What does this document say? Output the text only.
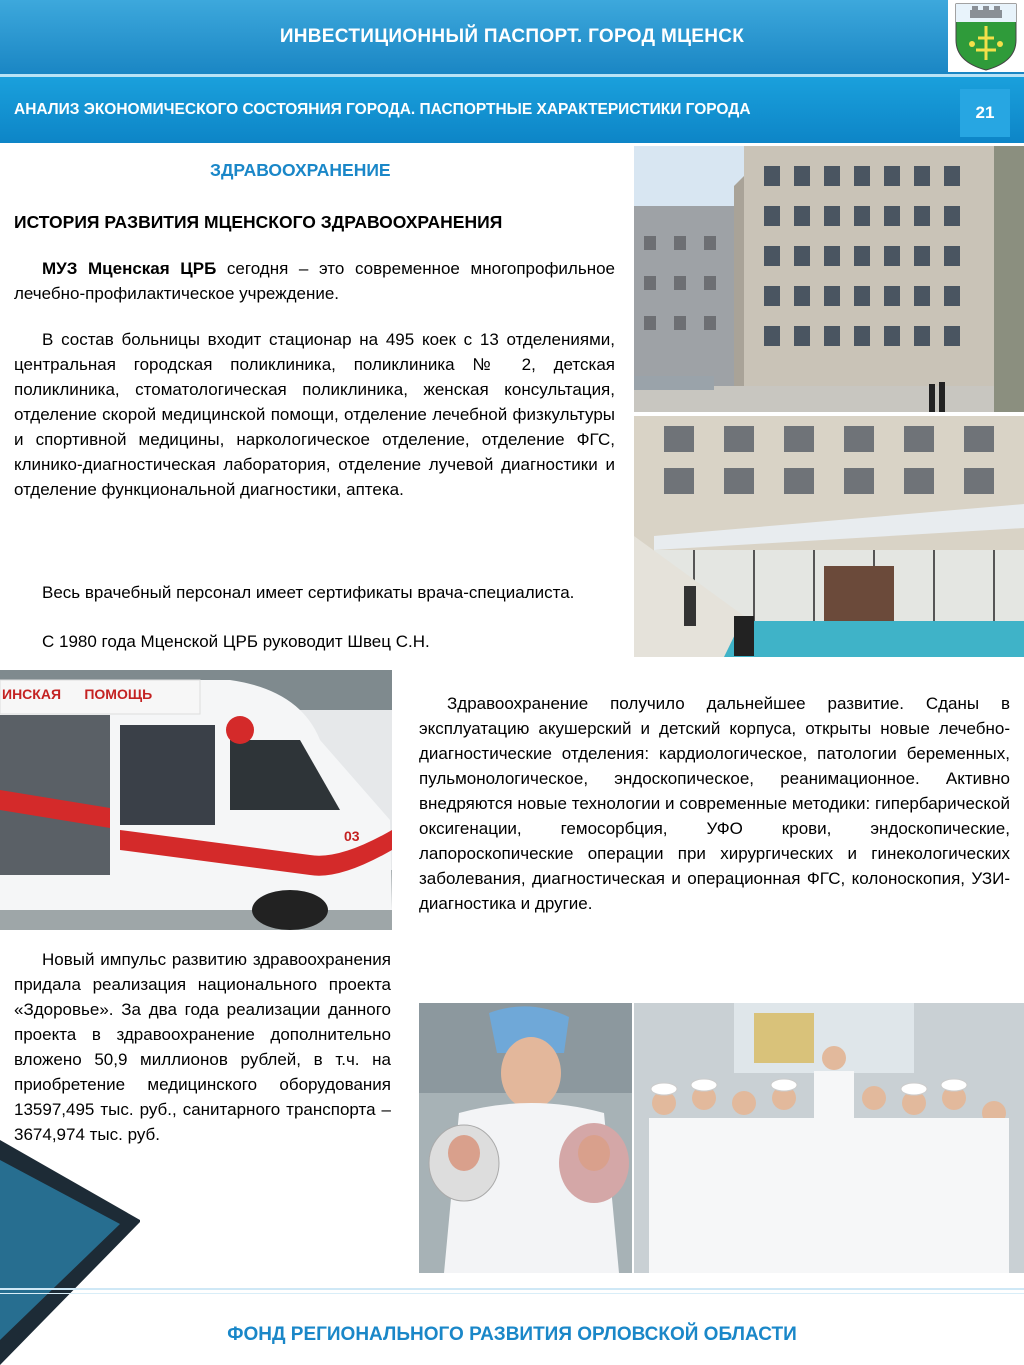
ИНВЕСТИЦИОННЫЙ ПАСПОРТ. ГОРОД МЦЕНСК
АНАЛИЗ ЭКОНОМИЧЕСКОГО СОСТОЯНИЯ ГОРОДА. ПАСПОРТНЫЕ ХАРАКТЕРИСТИКИ ГОРОДА	21
ЗДРАВООХРАНЕНИЕ
ИСТОРИЯ РАЗВИТИЯ МЦЕНСКОГО ЗДРАВООХРАНЕНИЯ

МУЗ Мценская ЦРБ сегодня – это современное многопрофильное лечебно-профилактическое учреждение.

В состав больницы входит стационар на 495 коек с 13 отделениями, центральная городская поликлиника, поликлиника № 2, детская поликлиника, стоматологическая поликлиника, женская консультация, отделение скорой медицинской помощи, отделение лечебной физкультуры и спортивной медицины, наркологическое отделение, отделение ФГС, клинико-диагностическая лаборатория, отделение лучевой диагностики и отделение функциональной диагностики, аптека.

Весь врачебный персонал имеет сертификаты врача-специалиста.

С 1980 года Мценской ЦРБ руководит Швец С.Н.

Здравоохранение получило дальнейшее развитие. Сданы в эксплуатацию акушерский и детский корпуса, открыты новые лечебно-диагностические отделения: кардиологическое, патологии беременных, пульмонологическое, эндоскопическое, реанимационное. Активно внедряются новые технологии и современные методики: гипербарической оксигенации, гемосорбция, УФО крови, эндоскопические, лапороскопические операции при хирургических и гинекологических заболевания, диагностическая и операционная ФГС, колоноскопия, УЗИ-диагностика и другие.

Новый импульс развитию здравоохранения придала реализация национального проекта «Здоровье». За два года реализации данного проекта в здравоохранение дополнительно вложено 50,9 миллионов рублей, в т.ч. на приобретение медицинского оборудования 13597,495 тыс. руб., санитарного транспорта – 3674,974 тыс. руб.

ИНСКАЯ      ПОМОЩЬ
03
ФОНД РЕГИОНАЛЬНОГО РАЗВИТИЯ ОРЛОВСКОЙ ОБЛАСТИ
